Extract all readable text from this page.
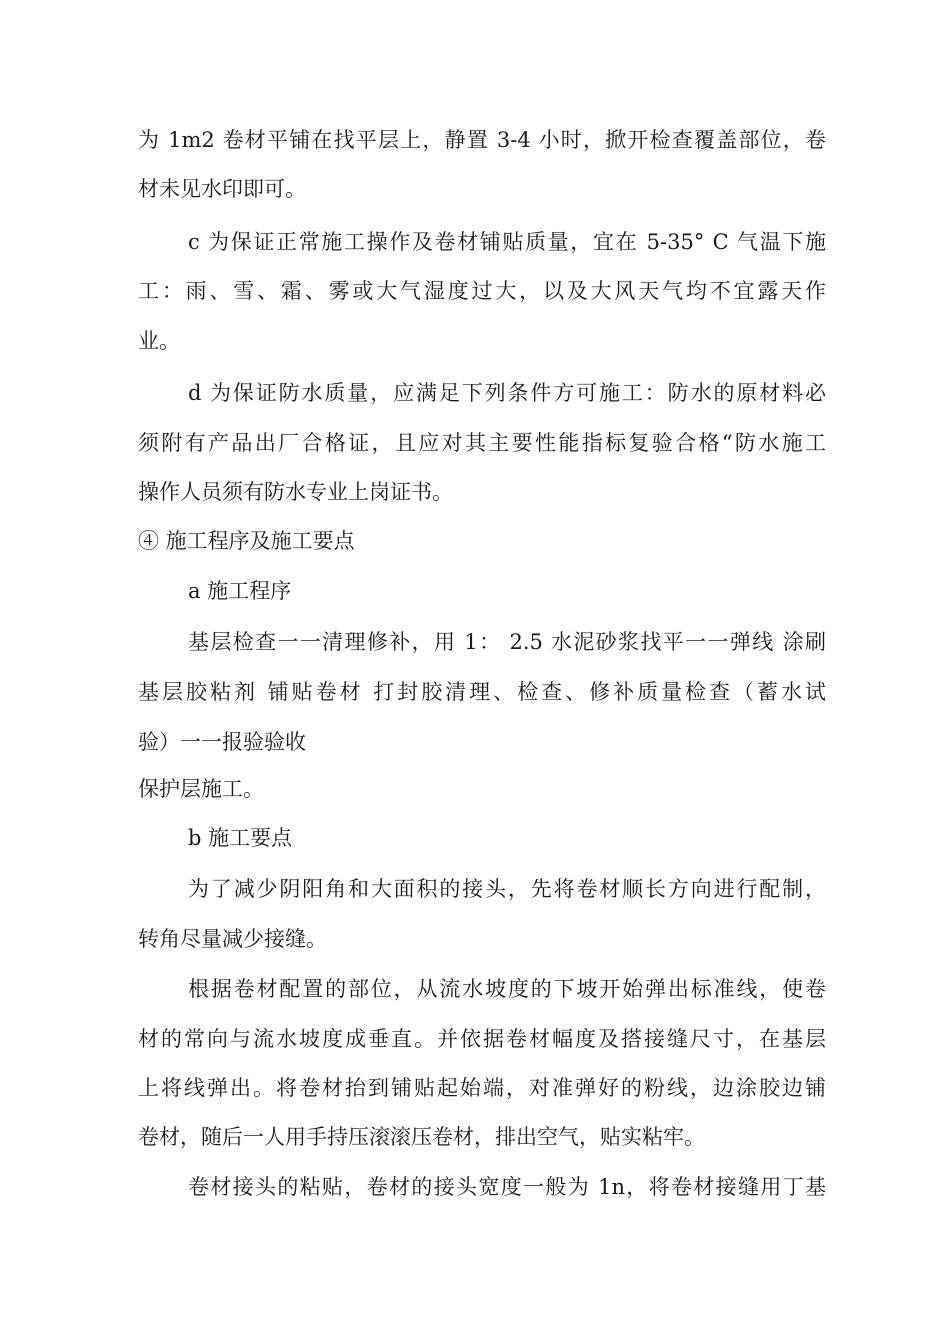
为 1m2 卷材平铺在找平层上，静置 3-4 小时，掀开检查覆盖部位，卷
材未见水印即可。
c 为保证正常施工操作及卷材铺贴质量，宜在 5-35° C 气温下施
工：雨、雪、霜、雾或大气湿度过大，以及大风天气均不宜露天作
业。
d 为保证防水质量，应满足下列条件方可施工：防水的原材料必
须附有产品出厂合格证，且应对其主要性能指标复验合格“防水施工
操作人员须有防水专业上岗证书。
④ 施工程序及施工要点
a 施工程序
基层检查一一清理修补，用 1： 2.5 水泥砂浆找平一一弹线 涂刷
基层胶粘剂 铺贴卷材 打封胶清理、检查、修补质量检查（蓄水试
验）一一报验验收
保护层施工。
b 施工要点
为了减少阴阳角和大面积的接头，先将卷材顺长方向进行配制，
转角尽量减少接缝。
根据卷材配置的部位，从流水坡度的下坡开始弹出标准线，使卷
材的常向与流水坡度成垂直。并依据卷材幅度及搭接缝尺寸，在基层
上将线弹出。将卷材抬到铺贴起始端，对准弹好的粉线，边涂胶边铺
卷材，随后一人用手持压滚滚压卷材，排出空气，贴实粘牢。
卷材接头的粘贴，卷材的接头宽度一般为 1n，将卷材接缝用丁基
